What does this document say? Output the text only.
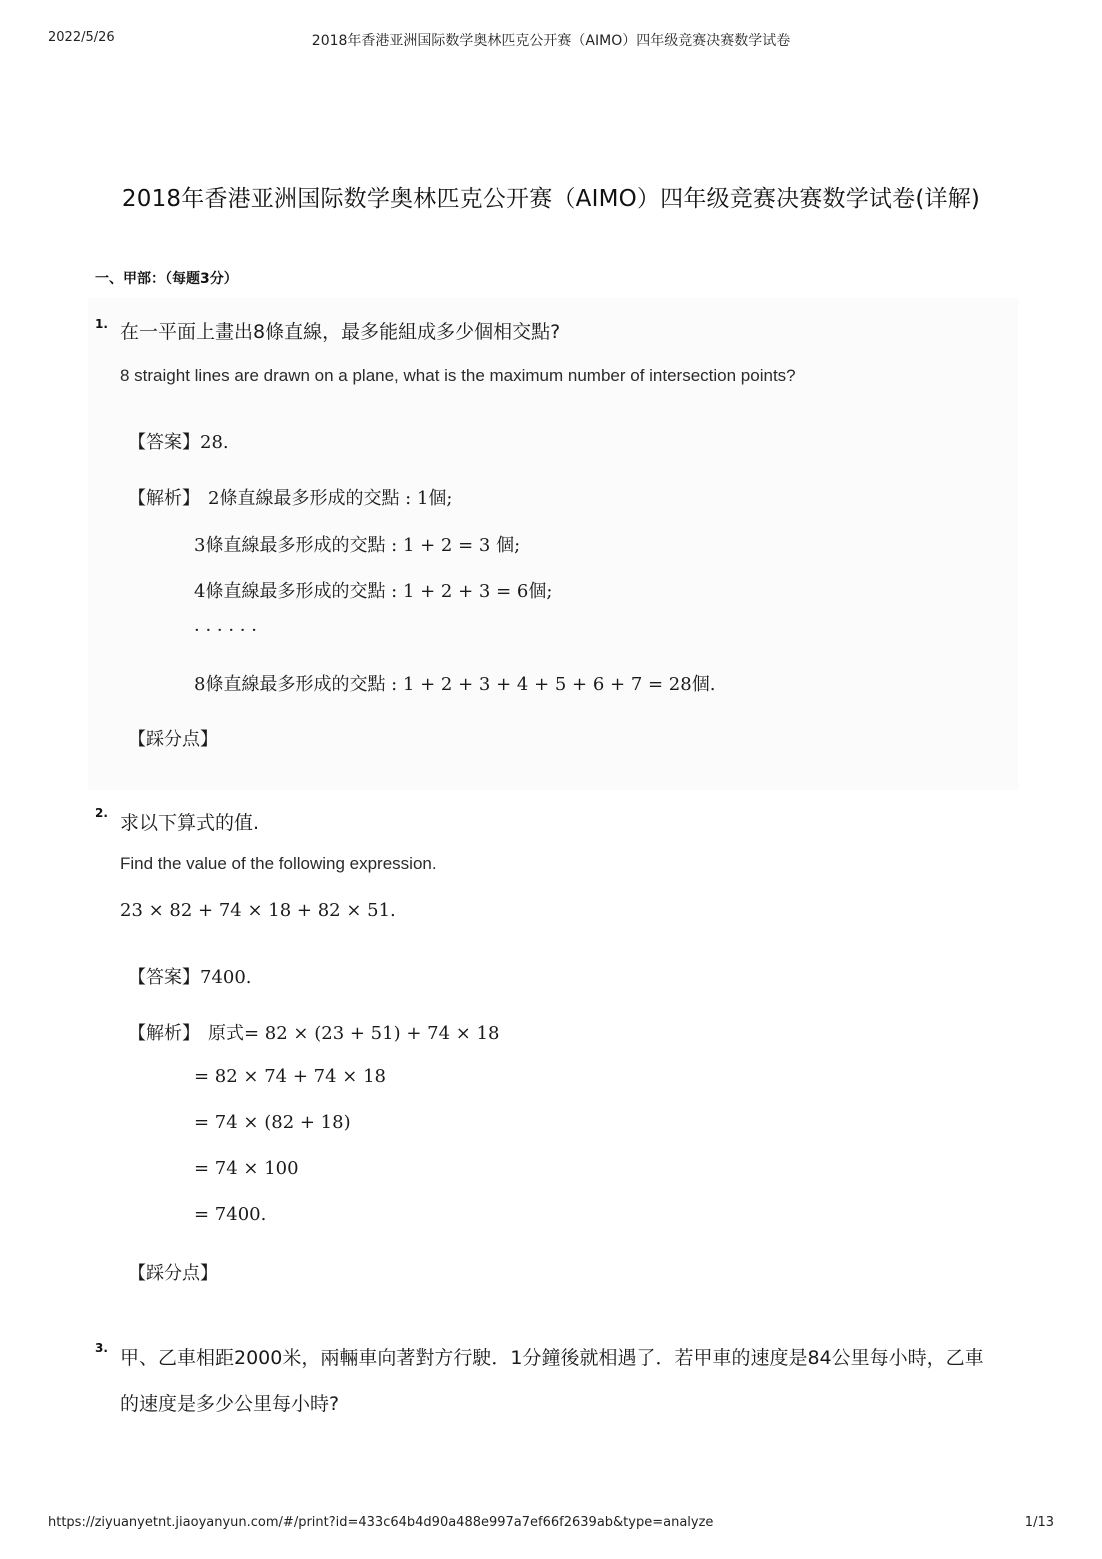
2022/5/26	2018年香港亚洲国际数学奥林匹克公开赛（AIMO）四年级竞赛决赛数学试卷
2018年香港亚洲国际数学奥林匹克公开赛（AIMO）四年级竞赛决赛数学试卷(详解)
一、甲部：（每题3分）
1. 在一平面上畫出8條直線，最多能組成多少個相交點?
8 straight lines are drawn on a plane, what is the maximum number of intersection points?
【答案】28.
【解析】 2條直線最多形成的交點 : 1個;
3條直線最多形成的交點 : 1 + 2 = 3 個;
4條直線最多形成的交點 : 1 + 2 + 3 = 6個;
· · · · · ·
8條直線最多形成的交點 : 1 + 2 + 3 + 4 + 5 + 6 + 7 = 28個.
【踩分点】
2. 求以下算式的值.
Find the value of the following expression.
23 × 82 + 74 × 18 + 82 × 51.
【答案】7400.
【解析】 原式= 82 × (23 + 51) + 74 × 18
= 82 × 74 + 74 × 18
= 74 × (82 + 18)
= 74 × 100
= 7400.
【踩分点】
3. 甲、乙車相距2000米，兩輛車向著對方行駛．1分鐘後就相遇了．若甲車的速度是84公里每小時，乙車
的速度是多少公里每小時?
https://ziyuanyetnt.jiaoyanyun.com/#/print?id=433c64b4d90a488e997a7ef66f2639ab&type=analyze	1/13
